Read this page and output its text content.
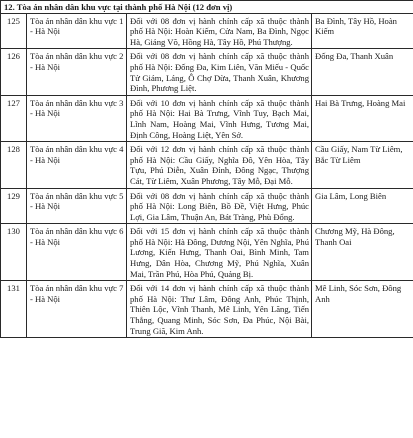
12. Tòa án nhân dân khu vực tại thành phố Hà Nội (12 đơn vị)			
125	Tòa án nhân dân khu vực 1 - Hà Nội	Đối với 08 đơn vị hành chính cấp xã thuộc thành phố Hà Nội: Hoàn Kiếm, Cửa Nam, Ba Đình, Ngọc Hà, Giảng Võ, Hồng Hà, Tây Hồ, Phú Thượng.	Ba Đình, Tây Hồ, Hoàn Kiếm
126	Tòa án nhân dân khu vực 2 - Hà Nội	Đối với 08 đơn vị hành chính cấp xã thuộc thành phố Hà Nội: Đống Đa, Kim Liên, Văn Miếu - Quốc Tử Giám, Láng, Ô Chợ Dừa, Thanh Xuân, Khương Đình, Phương Liệt.	Đống Đa, Thanh Xuân
127	Tòa án nhân dân khu vực 3 - Hà Nội	Đối với 10 đơn vị hành chính cấp xã thuộc thành phố Hà Nội: Hai Bà Trưng, Vĩnh Tuy, Bạch Mai, Lĩnh Nam, Hoàng Mai, Vĩnh Hưng, Tương Mai, Định Công, Hoàng Liệt, Yên Sở.	Hai Bà Trưng, Hoàng Mai
128	Tòa án nhân dân khu vực 4 - Hà Nội	Đối với 12 đơn vị hành chính cấp xã thuộc thành phố Hà Nội: Cầu Giấy, Nghĩa Đô, Yên Hòa, Tây Tựu, Phú Diễn, Xuân Đỉnh, Đông Ngạc, Thượng Cát, Từ Liêm, Xuân Phương, Tây Mỗ, Đại Mỗ.	Cầu Giấy, Nam Từ Liêm, Bắc Từ Liêm
129	Tòa án nhân dân khu vực 5 - Hà Nội	Đối với 08 đơn vị hành chính cấp xã thuộc thành phố Hà Nội: Long Biên, Bồ Đề, Việt Hưng, Phúc Lợi, Gia Lâm, Thuận An, Bát Tràng, Phù Đổng.	Gia Lâm, Long Biên
130	Tòa án nhân dân khu vực 6 - Hà Nội	Đối với 15 đơn vị hành chính cấp xã thuộc thành phố Hà Nội: Hà Đông, Dương Nội, Yên Nghĩa, Phú Lương, Kiến Hưng, Thanh Oai, Bình Minh, Tam Hưng, Dân Hòa, Chương Mỹ, Phú Nghĩa, Xuân Mai, Trần Phú, Hòa Phú, Quảng Bị.	Chương Mỹ, Hà Đông, Thanh Oai
131	Tòa án nhân dân khu vực 7 - Hà Nội	Đối với 14 đơn vị hành chính cấp xã thuộc thành phố Hà Nội: Thư Lâm, Đông Anh, Phúc Thịnh, Thiên Lộc, Vĩnh Thanh, Mê Linh, Yên Lãng, Tiến Thắng, Quang Minh, Sóc Sơn, Đa Phúc, Nội Bài, Trung Giã, Kim Anh.	Mê Linh, Sóc Sơn, Đông Anh
